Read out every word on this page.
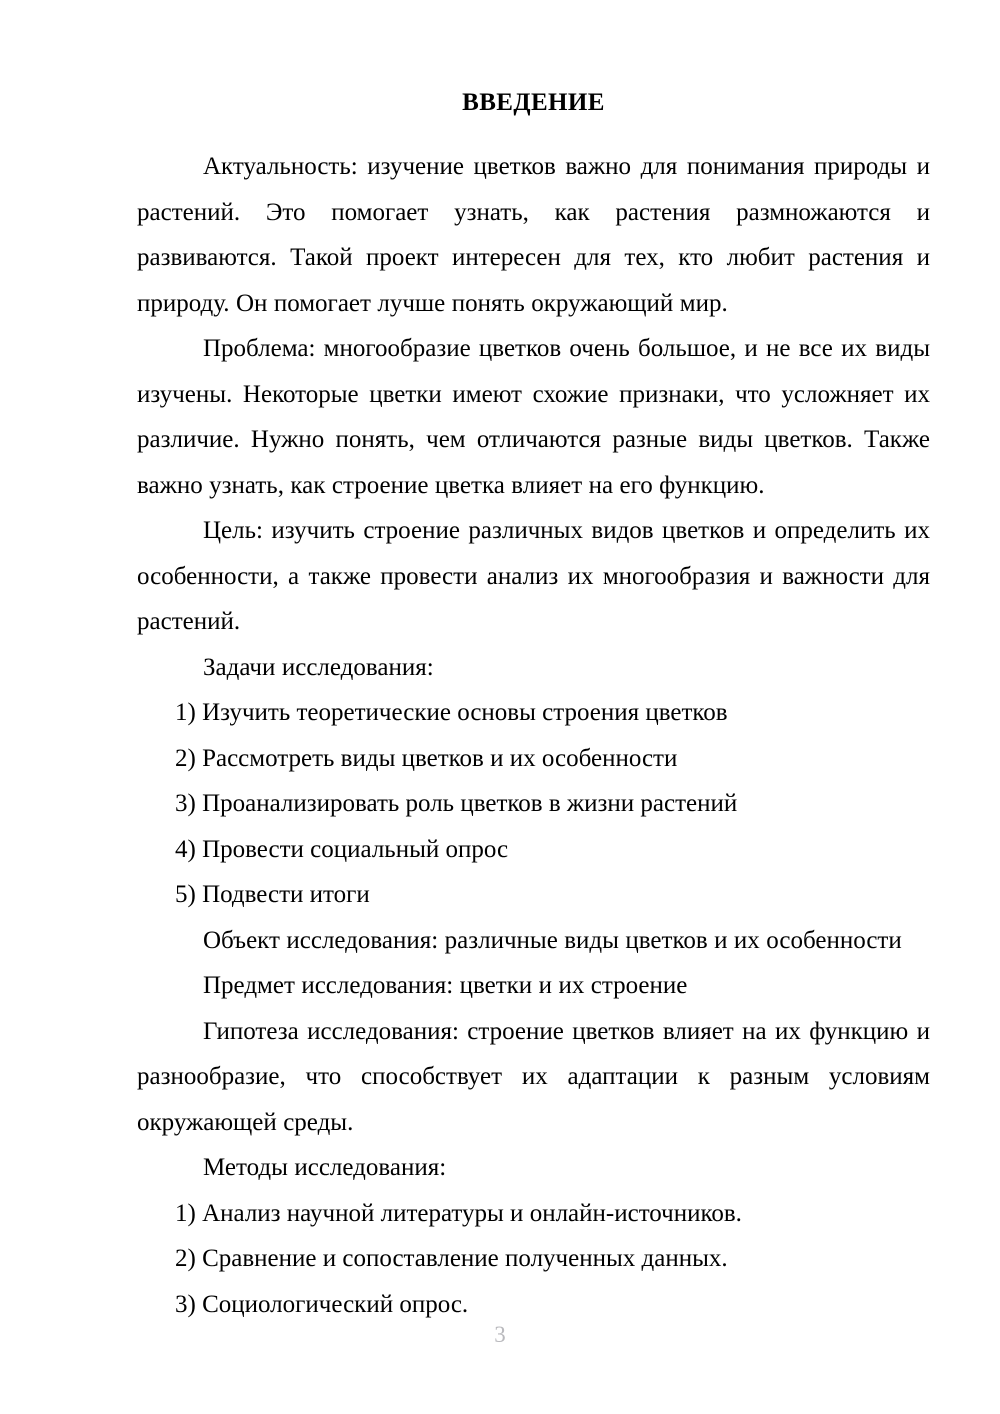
ВВЕДЕНИЕ

Актуальность: изучение цветков важно для понимания природы и растений. Это помогает узнать, как растения размножаются и развиваются. Такой проект интересен для тех, кто любит растения и природу. Он помогает лучше понять окружающий мир.

Проблема: многообразие цветков очень большое, и не все их виды изучены. Некоторые цветки имеют схожие признаки, что усложняет их различие. Нужно понять, чем отличаются разные виды цветков. Также важно узнать, как строение цветка влияет на его функцию.

Цель: изучить строение различных видов цветков и определить их особенности, а также провести анализ их многообразия и важности для растений.

Задачи исследования:

1) Изучить теоретические основы строения цветков
2) Рассмотреть виды цветков и их особенности
3) Проанализировать роль цветков в жизни растений
4) Провести социальный опрос
5) Подвести итоги

Объект исследования: различные виды цветков и их особенности

Предмет исследования: цветки и их строение

Гипотеза исследования: строение цветков влияет на их функцию и разнообразие, что способствует их адаптации к разным условиям окружающей среды.

Методы исследования:

1) Анализ научной литературы и онлайн-источников.
2) Сравнение и сопоставление полученных данных.
3) Социологический опрос.
3
